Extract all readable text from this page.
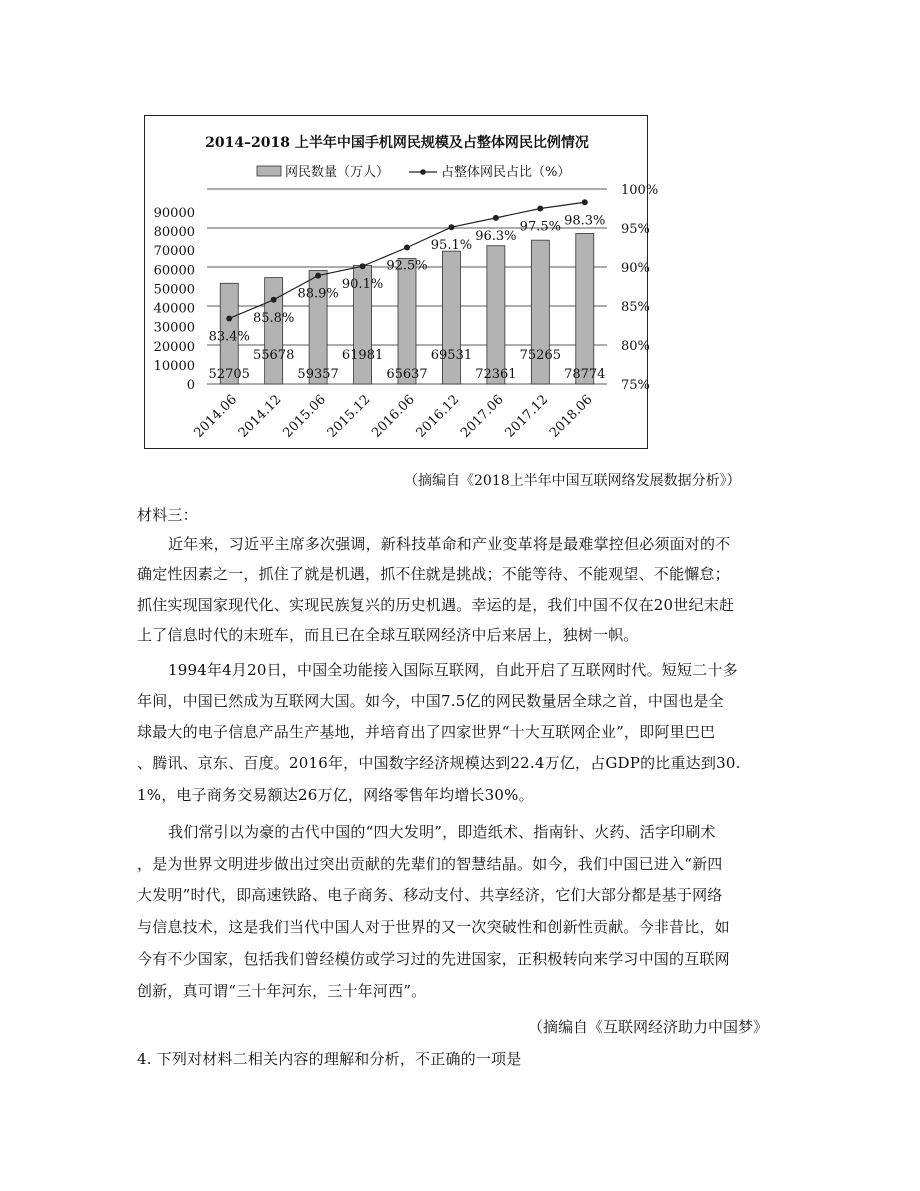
2014–2018 上半年中国手机网民规模及占整体网民比例情况
网民数量（万人）	占整体网民占比（%）
75%
80%
85%
90%
95%
100%
0
10000
20000
30000
40000
50000
60000
70000
80000
90000
52705
55678
59357
61981
65637
69531
72361
75265
78774
83.4%
85.8%
88.9%
90.1%
92.5%
95.1%
96.3%
97.5% 98.3%
2014.06
2014.12
2015.06
2015.12
2016.06
2016.12
2017.06
2017.12
2018.06
（摘编自《2018上半年中国互联网络发展数据分析》）
材料三：
近年来，习近平主席多次强调，新科技革命和产业变革将是最难掌控但必须面对的不
确定性因素之一，抓住了就是机遇，抓不住就是挑战；不能等待、不能观望、不能懈怠；
抓住实现国家现代化、实现民族复兴的历史机遇。幸运的是，我们中国不仅在20世纪末赶
上了信息时代的末班车，而且已在全球互联网经济中后来居上，独树一帜。
1994年4月20日，中国全功能接入国际互联网，自此开启了互联网时代。短短二十多
年间，中国已然成为互联网大国。如今，中国7.5亿的网民数量居全球之首，中国也是全
球最大的电子信息产品生产基地，并培育出了四家世界“十大互联网企业”，即阿里巴巴
、腾讯、京东、百度。2016年，中国数字经济规模达到22.4万亿，占GDP的比重达到30.
1%，电子商务交易额达26万亿，网络零售年均增长30%。
我们常引以为豪的古代中国的“四大发明”，即造纸术、指南针、火药、活字印刷术
，是为世界文明进步做出过突出贡献的先辈们的智慧结晶。如今，我们中国已进入“新四
大发明”时代，即高速铁路、电子商务、移动支付、共享经济，它们大部分都是基于网络
与信息技术，这是我们当代中国人对于世界的又一次突破性和创新性贡献。今非昔比，如
今有不少国家，包括我们曾经模仿或学习过的先进国家，正积极转向来学习中国的互联网
创新，真可谓“三十年河东，三十年河西”。
（摘编自《互联网经济助力中国梦》
4. 下列对材料二相关内容的理解和分析，不正确的一项是
